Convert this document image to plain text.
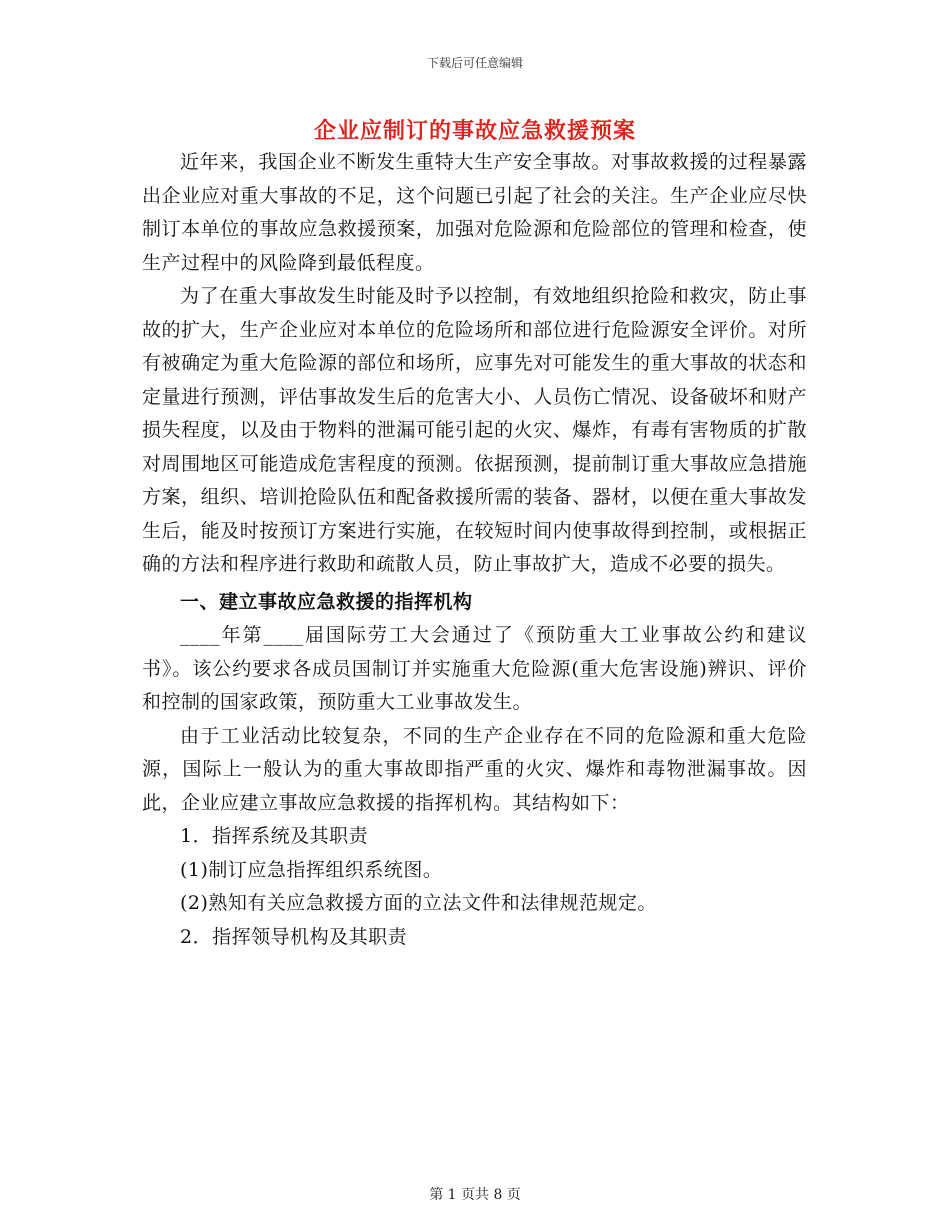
下载后可任意编辑
企业应制订的事故应急救援预案

近年来，我国企业不断发生重特大生产安全事故。对事故救援的过程暴露出企业应对重大事故的不足，这个问题已引起了社会的关注。生产企业应尽快制订本单位的事故应急救援预案，加强对危险源和危险部位的管理和检查，使生产过程中的风险降到最低程度。

为了在重大事故发生时能及时予以控制，有效地组织抢险和救灾，防止事故的扩大，生产企业应对本单位的危险场所和部位进行危险源安全评价。对所有被确定为重大危险源的部位和场所，应事先对可能发生的重大事故的状态和定量进行预测，评估事故发生后的危害大小、人员伤亡情况、设备破坏和财产损失程度，以及由于物料的泄漏可能引起的火灾、爆炸，有毒有害物质的扩散对周围地区可能造成危害程度的预测。依据预测，提前制订重大事故应急措施方案，组织、培训抢险队伍和配备救援所需的装备、器材，以便在重大事故发生后，能及时按预订方案进行实施，在较短时间内使事故得到控制，或根据正确的方法和程序进行救助和疏散人员，防止事故扩大，造成不必要的损失。

一、建立事故应急救援的指挥机构

____年第____届国际劳工大会通过了《预防重大工业事故公约和建议书》。该公约要求各成员国制订并实施重大危险源(重大危害设施)辨识、评价和控制的国家政策，预防重大工业事故发生。

由于工业活动比较复杂，不同的生产企业存在不同的危险源和重大危险源，国际上一般认为的重大事故即指严重的火灾、爆炸和毒物泄漏事故。因此，企业应建立事故应急救援的指挥机构。其结构如下：

1．指挥系统及其职责

(1)制订应急指挥组织系统图。

(2)熟知有关应急救援方面的立法文件和法律规范规定。

2．指挥领导机构及其职责

第 1 页共 8 页
